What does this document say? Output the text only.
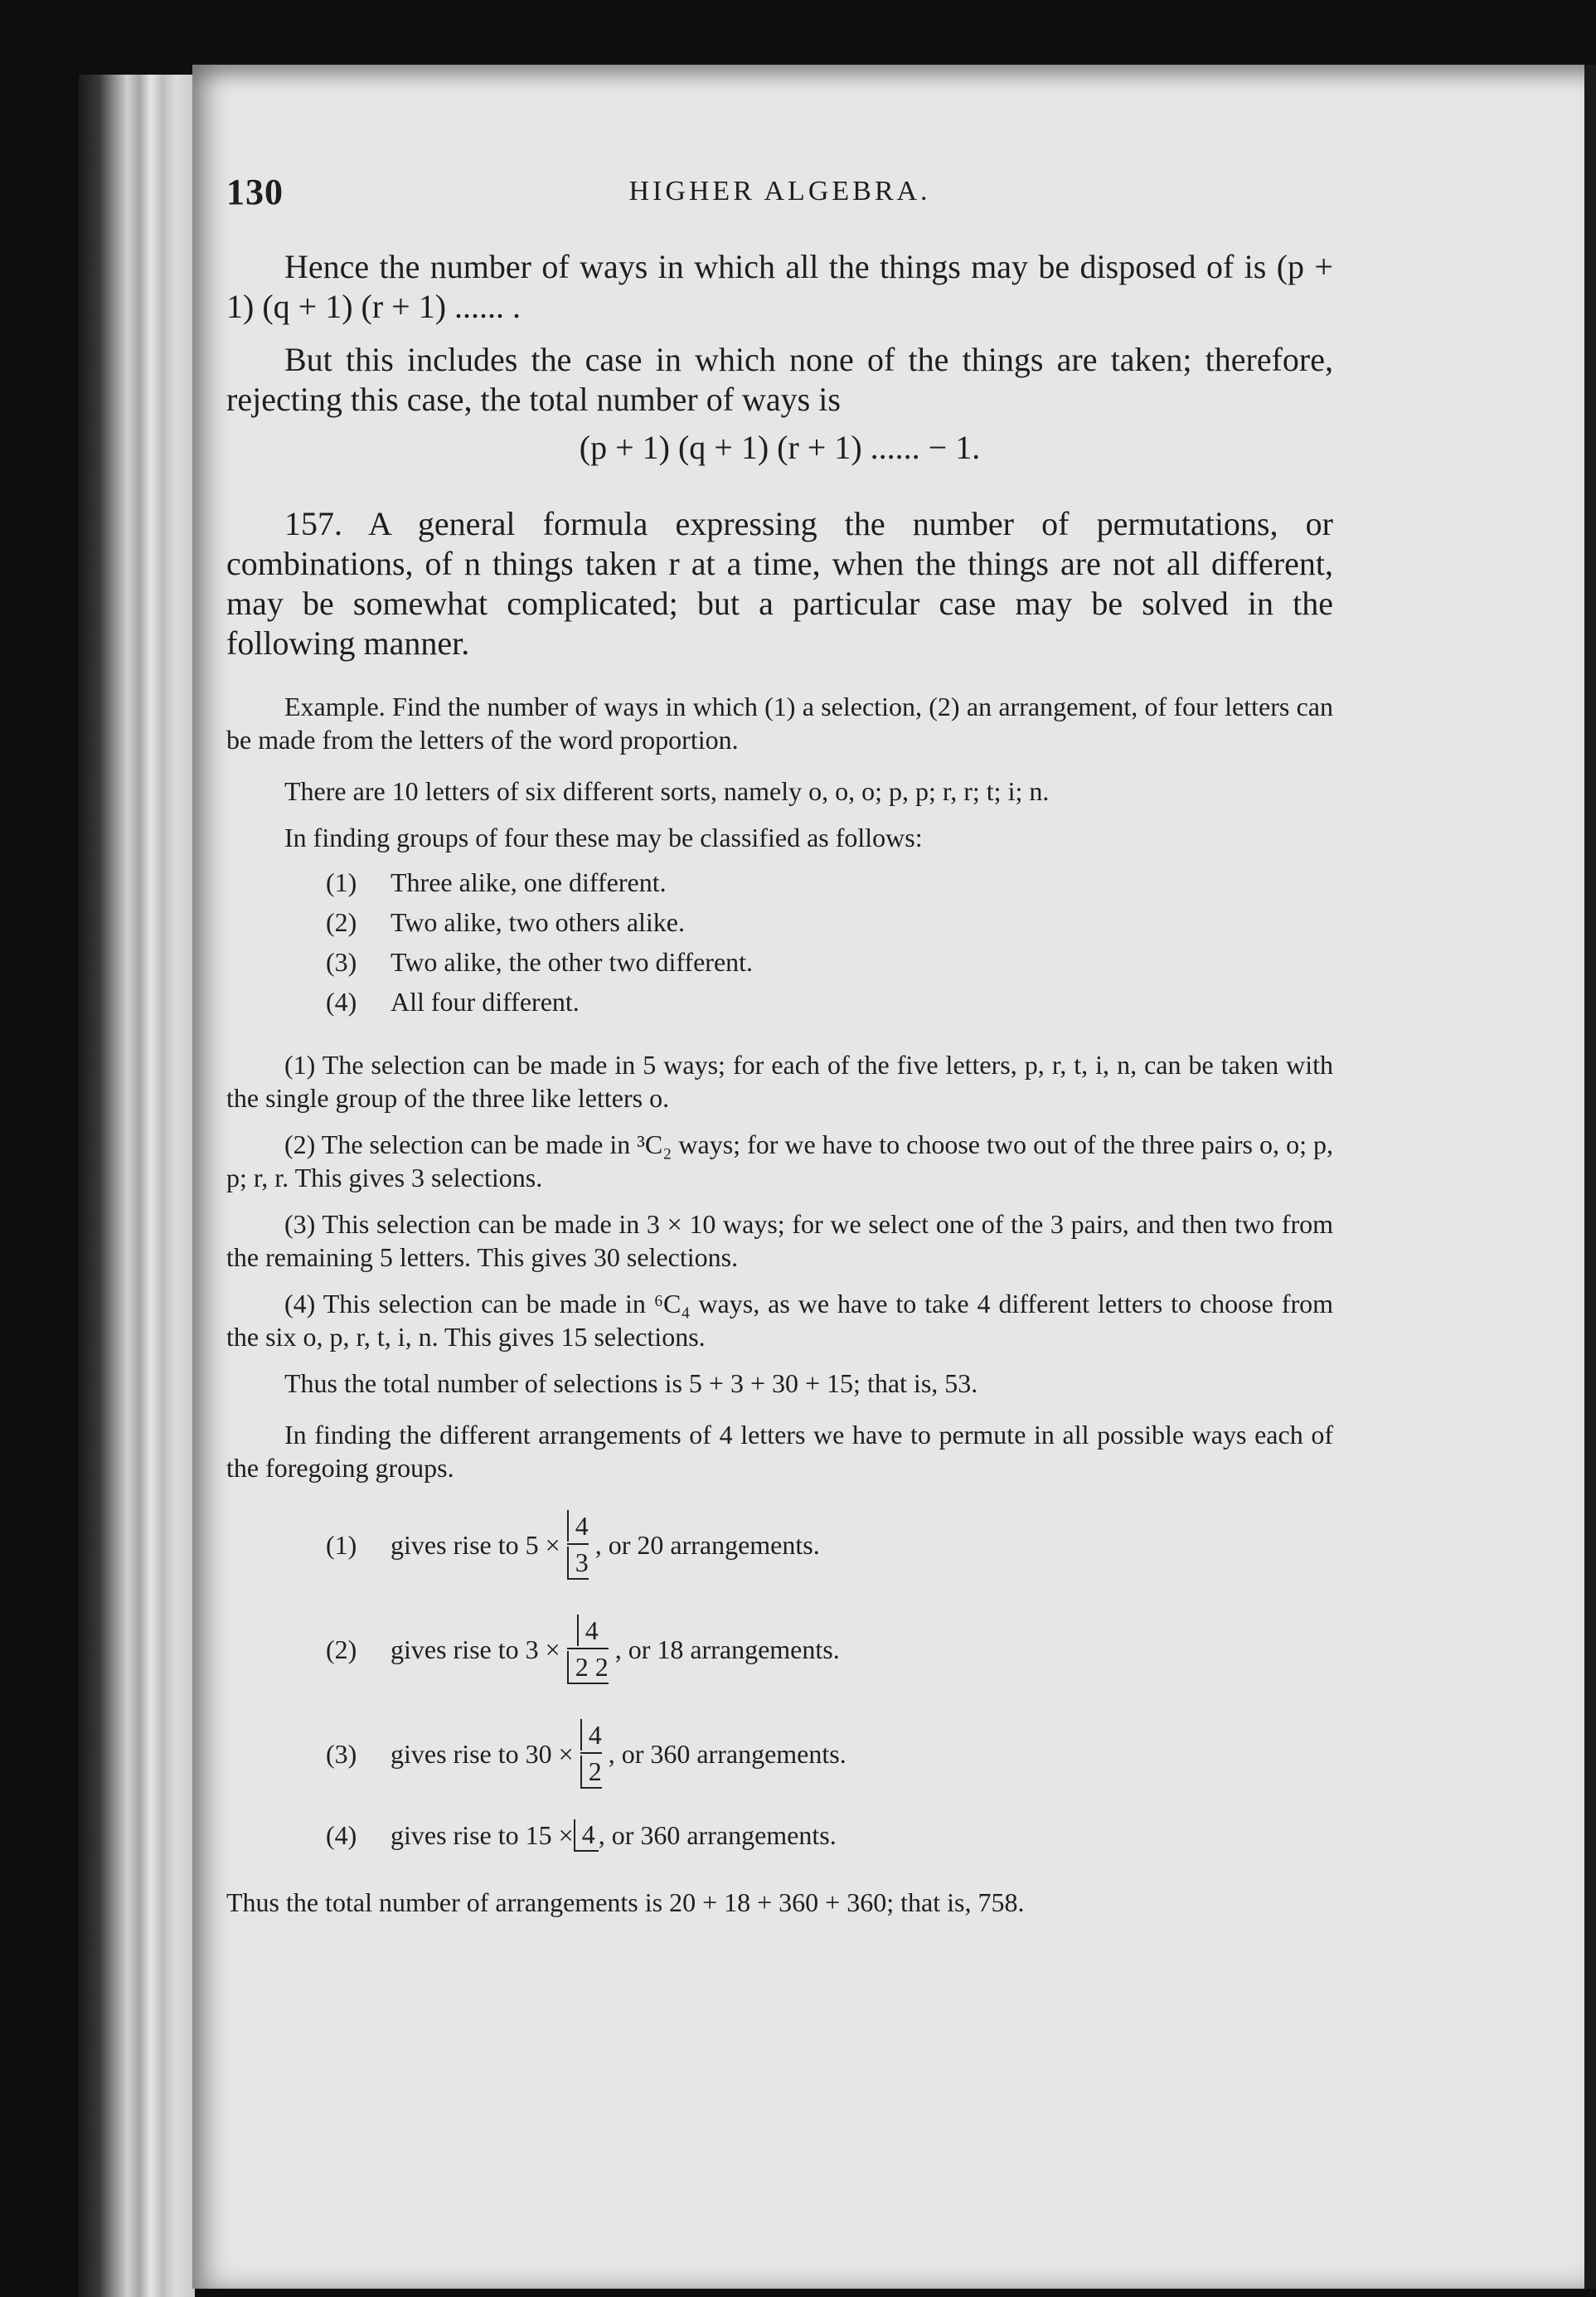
130	HIGHER ALGEBRA.

Hence the number of ways in which all the things may be disposed of is (p + 1) (q + 1) (r + 1) ...... .

But this includes the case in which none of the things are taken; therefore, rejecting this case, the total number of ways is

(p + 1) (q + 1) (r + 1) ...... − 1.

157. A general formula expressing the number of permutations, or combinations, of n things taken r at a time, when the things are not all different, may be somewhat complicated; but a particular case may be solved in the following manner.

Example. Find the number of ways in which (1) a selection, (2) an arrangement, of four letters can be made from the letters of the word proportion.

There are 10 letters of six different sorts, namely o, o, o; p, p; r, r; t; i; n.

In finding groups of four these may be classified as follows:

(1) Three alike, one different.
(2) Two alike, two others alike.
(3) Two alike, the other two different.
(4) All four different.

(1) The selection can be made in 5 ways; for each of the five letters, p, r, t, i, n, can be taken with the single group of the three like letters o.

(2) The selection can be made in ³C₂ ways; for we have to choose two out of the three pairs o, o; p, p; r, r. This gives 3 selections.

(3) This selection can be made in 3 × 10 ways; for we select one of the 3 pairs, and then two from the remaining 5 letters. This gives 30 selections.

(4) This selection can be made in ⁶C₄ ways, as we have to take 4 different letters to choose from the six o, p, r, t, i, n. This gives 15 selections.

Thus the total number of selections is 5 + 3 + 30 + 15; that is, 53.

In finding the different arrangements of 4 letters we have to permute in all possible ways each of the foregoing groups.

(1)	gives rise to $5 \times \frac{4}{3}$ , or 20 arrangements.
(2)	gives rise to $3 \times \frac{4}{2 2}$ , or 18 arrangements.
(3)	gives rise to $30 \times \frac{4}{2}$ , or 360 arrangements.
(4)	gives rise to 15 × 4 , or 360 arrangements.

Thus the total number of arrangements is 20 + 18 + 360 + 360; that is, 758.
